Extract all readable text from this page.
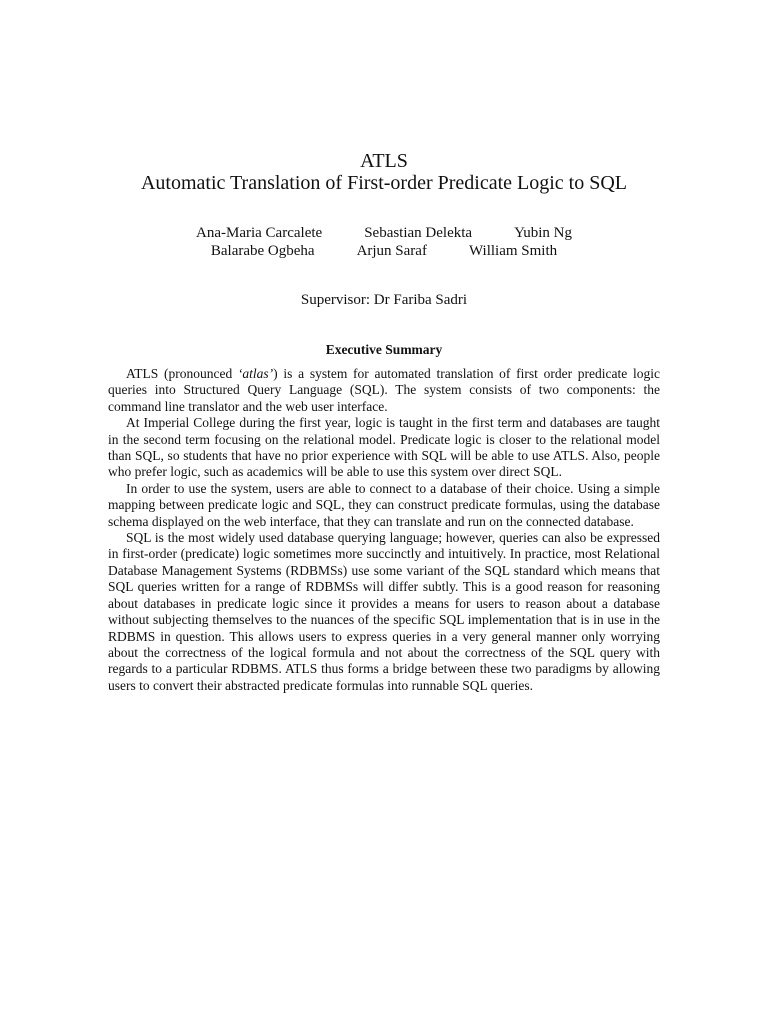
ATLS

Automatic Translation of First-order Predicate Logic to SQL

Ana-Maria Carcalete	Sebastian Delekta	Yubin Ng
Balarabe Ogbeha	Arjun Saraf	William Smith
Supervisor: Dr Fariba Sadri
Executive Summary

ATLS (pronounced ‘atlas’) is a system for automated translation of first order predicate logic queries into Structured Query Language (SQL). The system consists of two components: the command line translator and the web user interface.

At Imperial College during the first year, logic is taught in the first term and databases are taught in the second term focusing on the relational model. Predicate logic is closer to the relational model than SQL, so students that have no prior experience with SQL will be able to use ATLS. Also, people who prefer logic, such as academics will be able to use this system over direct SQL.

In order to use the system, users are able to connect to a database of their choice. Using a simple mapping between predicate logic and SQL, they can construct predicate formulas, using the database schema displayed on the web interface, that they can translate and run on the connected database.

SQL is the most widely used database querying language; however, queries can also be expressed in first-order (predicate) logic sometimes more succinctly and intuitively. In practice, most Relational Database Management Systems (RDBMSs) use some variant of the SQL standard which means that SQL queries written for a range of RDBMSs will differ subtly. This is a good reason for reasoning about databases in predicate logic since it provides a means for users to reason about a database without subjecting themselves to the nuances of the specific SQL implementation that is in use in the RDBMS in question. This allows users to express queries in a very general manner only worrying about the correctness of the logical formula and not about the correctness of the SQL query with regards to a particular RDBMS. ATLS thus forms a bridge between these two paradigms by allowing users to convert their abstracted predicate formulas into runnable SQL queries.
